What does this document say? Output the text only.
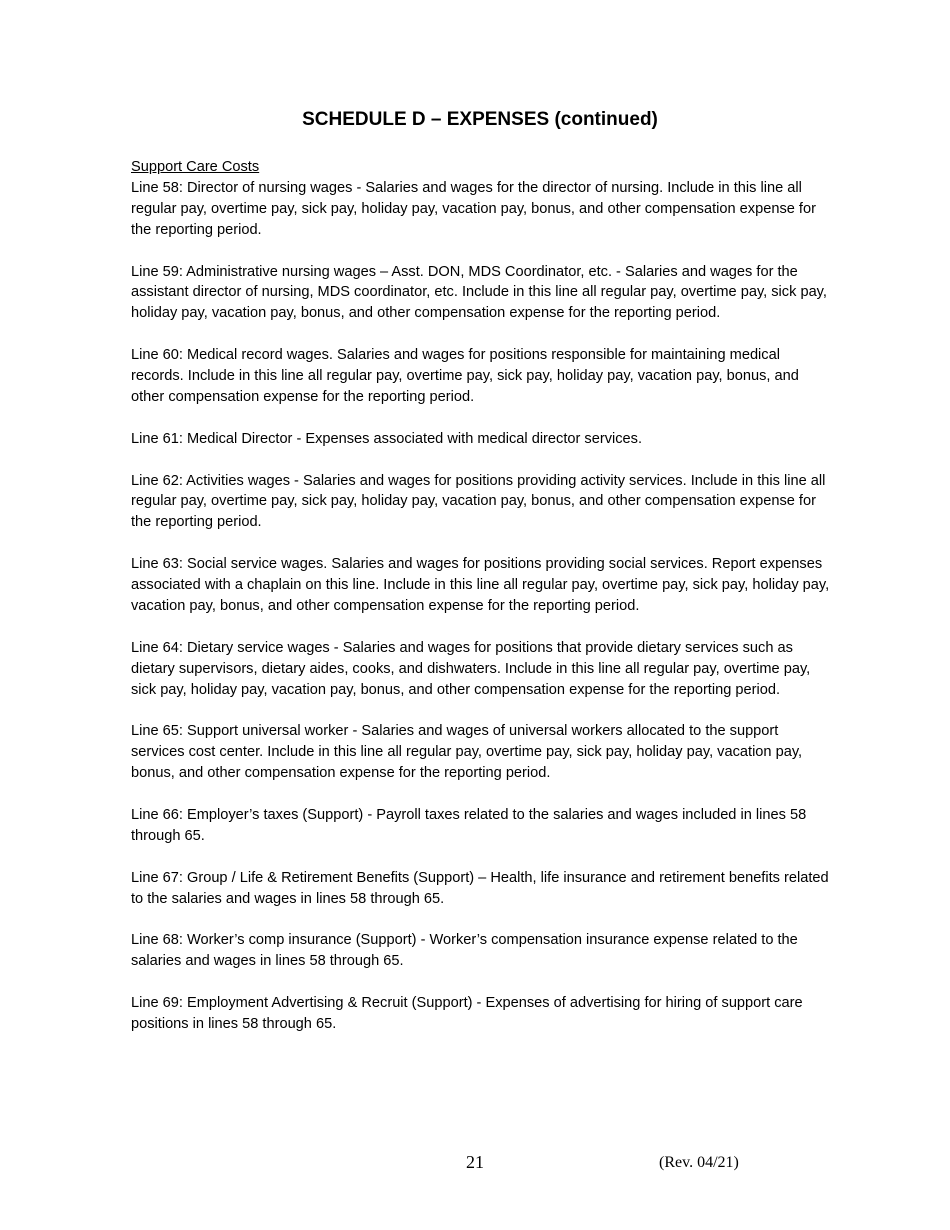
SCHEDULE D – EXPENSES (continued)
Support Care Costs

Line 58: Director of nursing wages - Salaries and wages for the director of nursing. Include in this line all regular pay, overtime pay, sick pay, holiday pay, vacation pay, bonus, and other compensation expense for the reporting period.

Line 59: Administrative nursing wages – Asst. DON, MDS Coordinator, etc. - Salaries and wages for the assistant director of nursing, MDS coordinator, etc. Include in this line all regular pay, overtime pay, sick pay, holiday pay, vacation pay, bonus, and other compensation expense for the reporting period.

Line 60: Medical record wages. Salaries and wages for positions responsible for maintaining medical records. Include in this line all regular pay, overtime pay, sick pay, holiday pay, vacation pay, bonus, and other compensation expense for the reporting period.

Line 61: Medical Director - Expenses associated with medical director services.

Line 62: Activities wages - Salaries and wages for positions providing activity services. Include in this line all regular pay, overtime pay, sick pay, holiday pay, vacation pay, bonus, and other compensation expense for the reporting period.

Line 63: Social service wages. Salaries and wages for positions providing social services. Report expenses associated with a chaplain on this line. Include in this line all regular pay, overtime pay, sick pay, holiday pay, vacation pay, bonus, and other compensation expense for the reporting period.

Line 64: Dietary service wages - Salaries and wages for positions that provide dietary services such as dietary supervisors, dietary aides, cooks, and dishwaters. Include in this line all regular pay, overtime pay, sick pay, holiday pay, vacation pay, bonus, and other compensation expense for the reporting period.

Line 65: Support universal worker - Salaries and wages of universal workers allocated to the support services cost center. Include in this line all regular pay, overtime pay, sick pay, holiday pay, vacation pay, bonus, and other compensation expense for the reporting period.

Line 66: Employer’s taxes (Support) - Payroll taxes related to the salaries and wages included in lines 58 through 65.

Line 67: Group / Life & Retirement Benefits (Support) – Health, life insurance and retirement benefits related to the salaries and wages in lines 58 through 65.

Line 68: Worker’s comp insurance (Support) - Worker’s compensation insurance expense related to the salaries and wages in lines 58 through 65.

Line 69: Employment Advertising & Recruit (Support) - Expenses of advertising for hiring of support care positions in lines 58 through 65.

21	(Rev. 04/21)
